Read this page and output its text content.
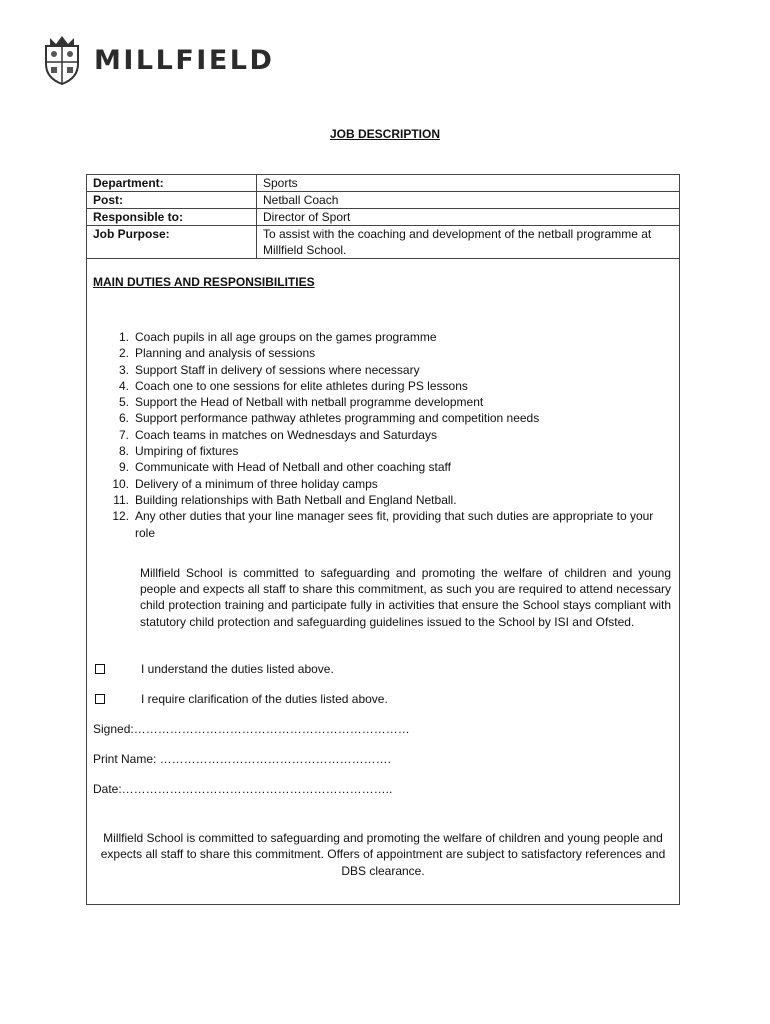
MILLFIELD
JOB DESCRIPTION
Department:	Sports
Post:	Netball Coach
Responsible to:	Director of Sport
Job Purpose:	To assist with the coaching and development of the netball programme at Millfield School.
MAIN DUTIES AND RESPONSIBILITIES
1. Coach pupils in all age groups on the games programme
2. Planning and analysis of sessions
3. Support Staff in delivery of sessions where necessary
4. Coach one to one sessions for elite athletes during PS lessons
5. Support the Head of Netball with netball programme development
6. Support performance pathway athletes programming and competition needs
7. Coach teams in matches on Wednesdays and Saturdays
8. Umpiring of fixtures
9. Communicate with Head of Netball and other coaching staff
10. Delivery of a minimum of three holiday camps
11. Building relationships with Bath Netball and England Netball.
12. Any other duties that your line manager sees fit, providing that such duties are appropriate to your role
Millfield School is committed to safeguarding and promoting the welfare of children and young people and expects all staff to share this commitment, as such you are required to attend necessary child protection training and participate fully in activities that ensure the School stays compliant with statutory child protection and safeguarding guidelines issued to the School by ISI and Ofsted.
I understand the duties listed above.
I require clarification of the duties listed above.
Signed:……………………………………………………………
Print Name: ………………………………………………….
Date:…………………………………………………………..
Millfield School is committed to safeguarding and promoting the welfare of children and young people and expects all staff to share this commitment. Offers of appointment are subject to satisfactory references and DBS clearance.
